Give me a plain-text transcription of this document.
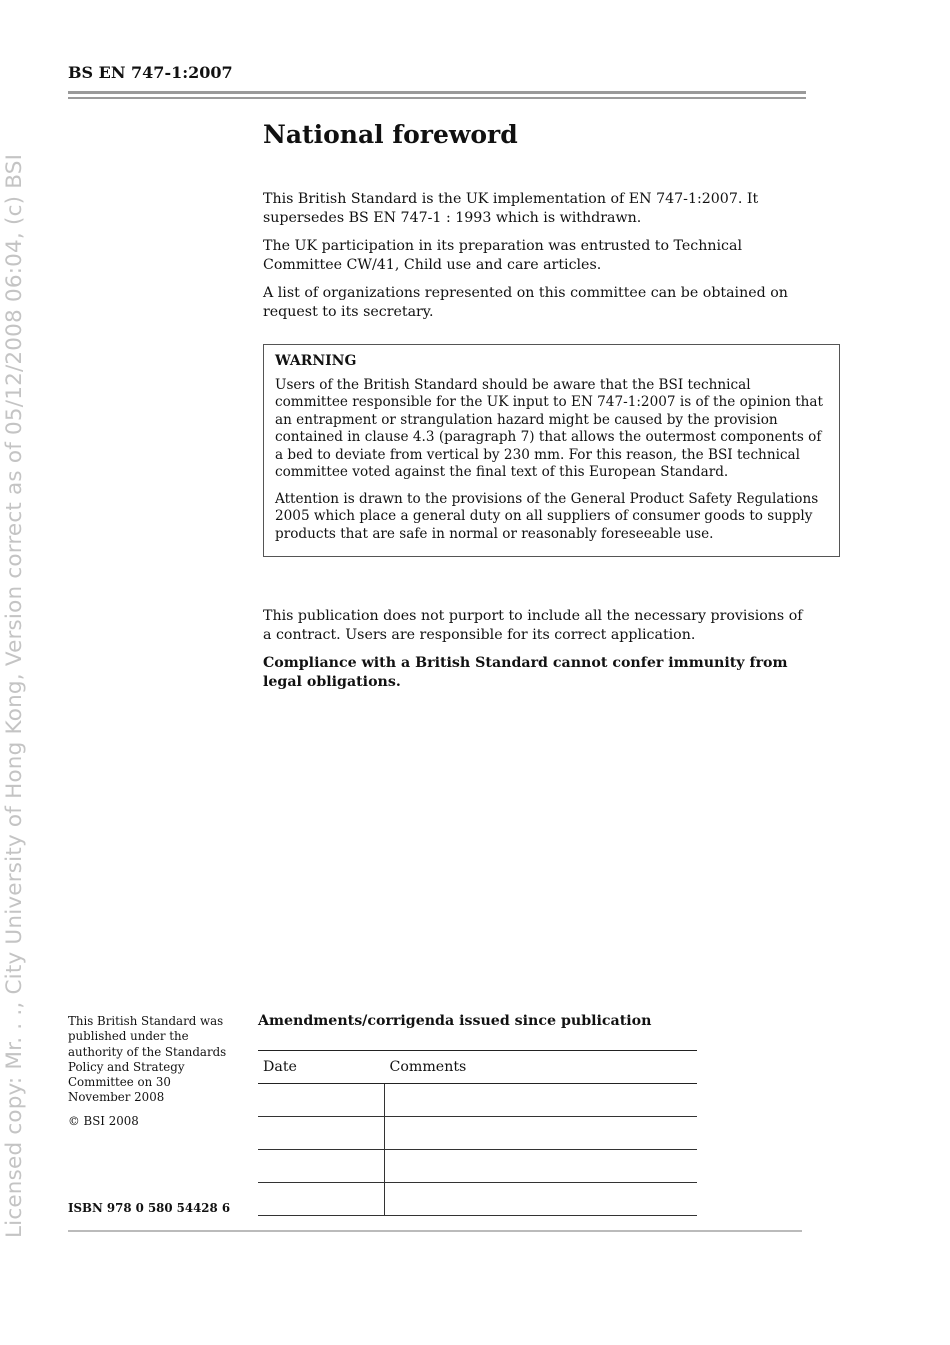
Licensed copy: Mr. . ., City University of Hong Kong, Version correct as of 05/12/2008 06:04, (c) BSI
BS EN 747-1:2007
National foreword

This British Standard is the UK implementation of EN 747-1:2007. It supersedes BS EN 747-1 : 1993 which is withdrawn.

The UK participation in its preparation was entrusted to Technical Committee CW/41, Child use and care articles.

A list of organizations represented on this committee can be obtained on request to its secretary.

WARNING

Users of the British Standard should be aware that the BSI technical committee responsible for the UK input to EN 747-1:2007 is of the opinion that an entrapment or strangulation hazard might be caused by the provision contained in clause 4.3 (paragraph 7) that allows the outermost components of a bed to deviate from vertical by 230 mm. For this reason, the BSI technical committee voted against the final text of this European Standard.

Attention is drawn to the provisions of the General Product Safety Regulations 2005 which place a general duty on all suppliers of consumer goods to supply products that are safe in normal or reasonably foreseeable use.

This publication does not purport to include all the necessary provisions of a contract. Users are responsible for its correct application.

Compliance with a British Standard cannot confer immunity from legal obligations.

This British Standard was published under the authority of the Standards Policy and Strategy Committee on 30 November 2008

© BSI 2008

ISBN 978 0 580 54428 6
Amendments/corrigenda issued since publication
Date	Comments
